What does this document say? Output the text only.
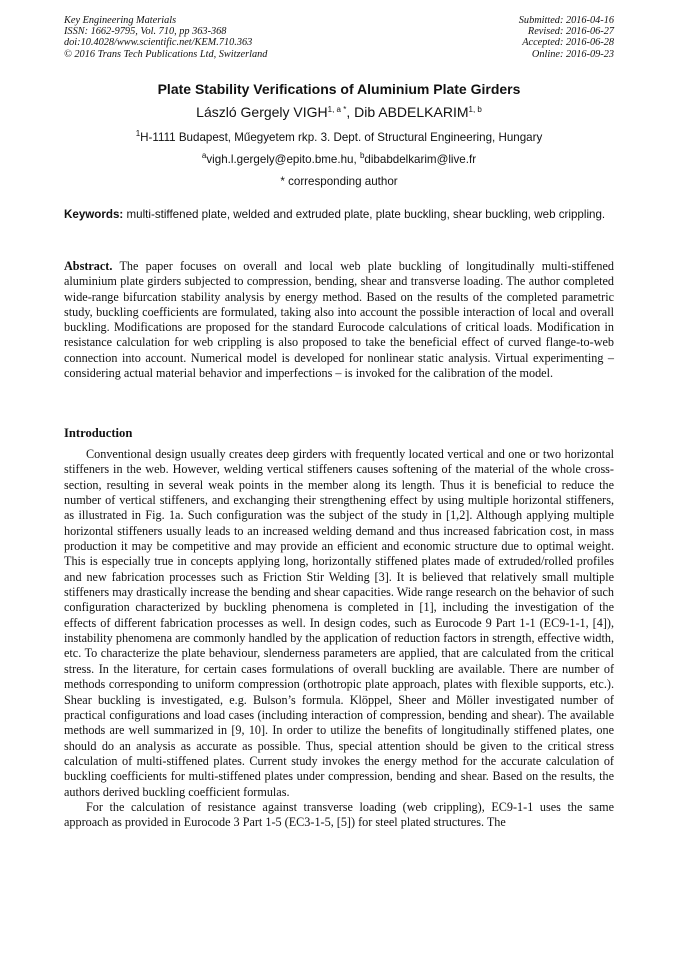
Key Engineering Materials
ISSN: 1662-9795, Vol. 710, pp 363-368
doi:10.4028/www.scientific.net/KEM.710.363
© 2016 Trans Tech Publications Ltd, Switzerland
Submitted: 2016-04-16
Revised: 2016-06-27
Accepted: 2016-06-28
Online: 2016-09-23
Plate Stability Verifications of Aluminium Plate Girders
László Gergely $VIGH^{1, a *}$, Dib ABDELKARIM$^{1, b}$
$^1$H-1111 Budapest, Műegyetem rkp. 3. Dept. of Structural Engineering, Hungary
$^a$vigh.l.gergely@epito.bme.hu, $^b$dibabdelkarim@live.fr
* corresponding author
Keywords: multi-stiffened plate, welded and extruded plate, plate buckling, shear buckling, web crippling.
Abstract. The paper focuses on overall and local web plate buckling of longitudinally multi-stiffened aluminium plate girders subjected to compression, bending, shear and transverse loading. The author completed wide-range bifurcation stability analysis by energy method. Based on the results of the completed parametric study, buckling coefficients are formulated, taking also into account the possible interaction of local and overall buckling. Modifications are proposed for the standard Eurocode calculations of critical loads. Modification in resistance calculation for web crippling is also proposed to take the beneficial effect of curved flange-to-web connection into account. Numerical model is developed for nonlinear static analysis. Virtual experimenting – considering actual material behavior and imperfections – is invoked for the calibration of the model.
Introduction

Conventional design usually creates deep girders with frequently located vertical and one or two horizontal stiffeners in the web. However, welding vertical stiffeners causes softening of the material of the whole cross-section, resulting in several weak points in the member along its length. Thus it is beneficial to reduce the number of vertical stiffeners, and exchanging their strengthening effect by using multiple horizontal stiffeners, as illustrated in Fig. 1a. Such configuration was the subject of the study in [1,2]. Although applying multiple horizontal stiffeners usually leads to an increased welding demand and thus increased fabrication cost, in mass production it may be competitive and may provide an efficient and economic structure due to optimal weight. This is especially true in concepts applying long, horizontally stiffened plates made of extruded/rolled profiles and new fabrication processes such as Friction Stir Welding [3]. It is believed that relatively small multiple stiffeners may drastically increase the bending and shear capacities. Wide range research on the behavior of such configuration characterized by buckling phenomena is completed in [1], including the investigation of the effects of different fabrication processes as well. In design codes, such as Eurocode 9 Part 1-1 (EC9-1-1, [4]), instability phenomena are commonly handled by the application of reduction factors in strength, effective width, etc. To characterize the plate behaviour, slenderness parameters are applied, that are calculated from the critical stress. In the literature, for certain cases formulations of overall buckling are available. There are number of methods corresponding to uniform compression (orthotropic plate approach, plates with flexible supports, etc.). Shear buckling is investigated, e.g. Bulson’s formula. Klöppel, Sheer and Möller investigated number of practical configurations and load cases (including interaction of compression, bending and shear). The available methods are well summarized in [9, 10]. In order to utilize the benefits of longitudinally stiffened plates, one should do an analysis as accurate as possible. Thus, special attention should be given to the critical stress calculation of multi-stiffened plates. Current study invokes the energy method for the accurate calculation of buckling coefficients for multi-stiffened plates under compression, bending and shear. Based on the results, the authors derived buckling coefficient formulas.

For the calculation of resistance against transverse loading (web crippling), EC9-1-1 uses the same approach as provided in Eurocode 3 Part 1-5 (EC3-1-5, [5]) for steel plated structures. The
